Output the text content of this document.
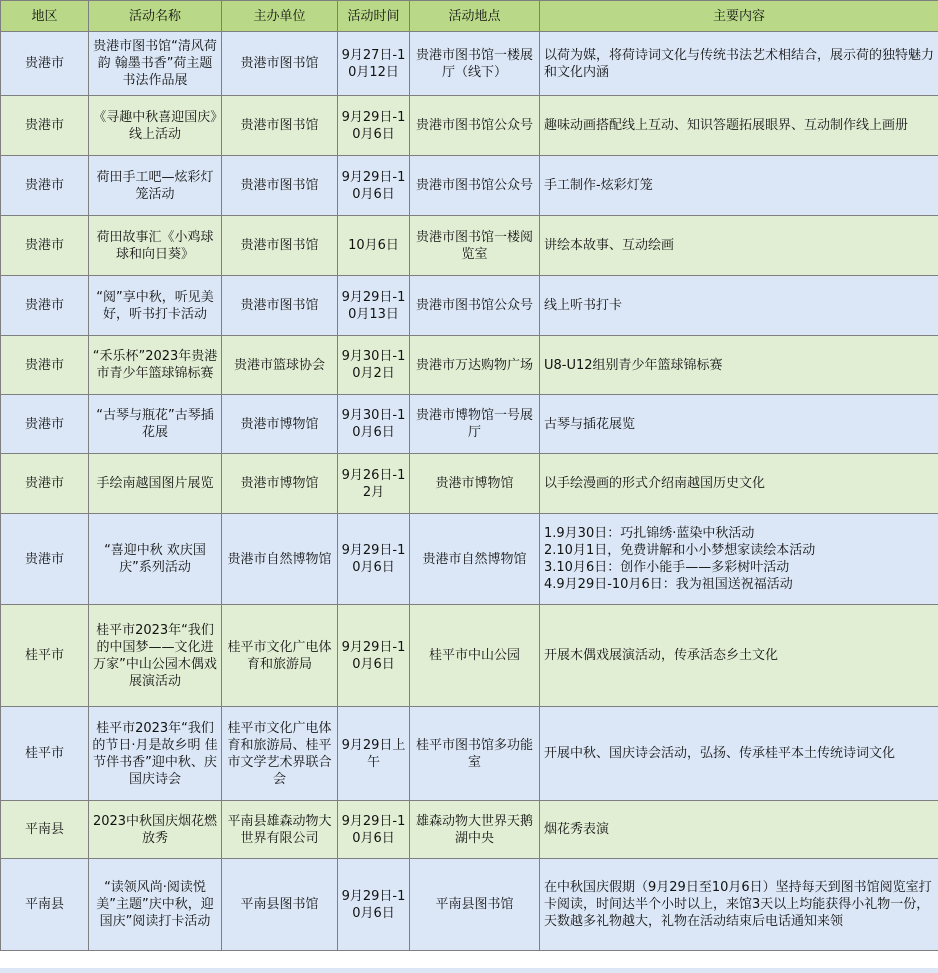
地区	活动名称	主办单位	活动时间	活动地点	主要内容
贵港市	贵港市图书馆“清风荷韵 翰墨书香”荷主题书法作品展	贵港市图书馆	9月27日-10月12日	贵港市图书馆一楼展厅（线下）	以荷为媒，将荷诗词文化与传统书法艺术相结合，展示荷的独特魅力和文化内涵

贵港市	《寻趣中秋喜迎国庆》线上活动	贵港市图书馆	9月29日-10月6日	贵港市图书馆公众号	趣味动画搭配线上互动、知识答题拓展眼界、互动制作线上画册

贵港市	荷田手工吧—炫彩灯笼活动	贵港市图书馆	9月29日-10月6日	贵港市图书馆公众号	手工制作-炫彩灯笼

贵港市	荷田故事汇《小鸡球球和向日葵》	贵港市图书馆	10月6日	贵港市图书馆一楼阅览室	讲绘本故事、互动绘画

贵港市	“阅”享中秋，听见美好，听书打卡活动	贵港市图书馆	9月29日-10月13日	贵港市图书馆公众号	线上听书打卡

贵港市	“禾乐杯”2023年贵港市青少年篮球锦标赛	贵港市篮球协会	9月30日-10月2日	贵港市万达购物广场	U8-U12组别青少年篮球锦标赛

贵港市	“古琴与瓶花”古琴插花展	贵港市博物馆	9月30日-10月6日	贵港市博物馆一号展厅	古琴与插花展览

贵港市	手绘南越国图片展览	贵港市博物馆	9月26日-12月	贵港市博物馆	以手绘漫画的形式介绍南越国历史文化

贵港市	“喜迎中秋 欢庆国庆”系列活动	贵港市自然博物馆	9月29日-10月6日	贵港市自然博物馆	1.9月30日：巧扎锦绣·蓝染中秋活动
2.10月1日，免费讲解和小小梦想家读绘本活动
3.10月6日：创作小能手——多彩树叶活动
4.9月29日-10月6日：我为祖国送祝福活动

桂平市	桂平市2023年“我们的中国梦——文化进万家”中山公园木偶戏展演活动	桂平市文化广电体育和旅游局	9月29日-10月6日	桂平市中山公园	开展木偶戏展演活动，传承活态乡土文化

桂平市	桂平市2023年“我们的节日·月是故乡明 佳节伴书香”迎中秋、庆国庆诗会	桂平市文化广电体育和旅游局、桂平市文学艺术界联合会	9月29日上午	桂平市图书馆多功能室	开展中秋、国庆诗会活动，弘扬、传承桂平本土传统诗词文化

平南县	2023中秋国庆烟花燃放秀	平南县雄森动物大世界有限公司	9月29日-10月6日	雄森动物大世界天鹅湖中央	烟花秀表演

平南县	“读领风尚·阅读悦美”主题”庆中秋，迎国庆”阅读打卡活动	平南县图书馆	9月29日-10月6日	平南县图书馆	在中秋国庆假期（9月29日至10月6日）坚持每天到图书馆阅览室打卡阅读，时间达半个小时以上，来馆3天以上均能获得小礼物一份，天数越多礼物越大，礼物在活动结束后电话通知来领
